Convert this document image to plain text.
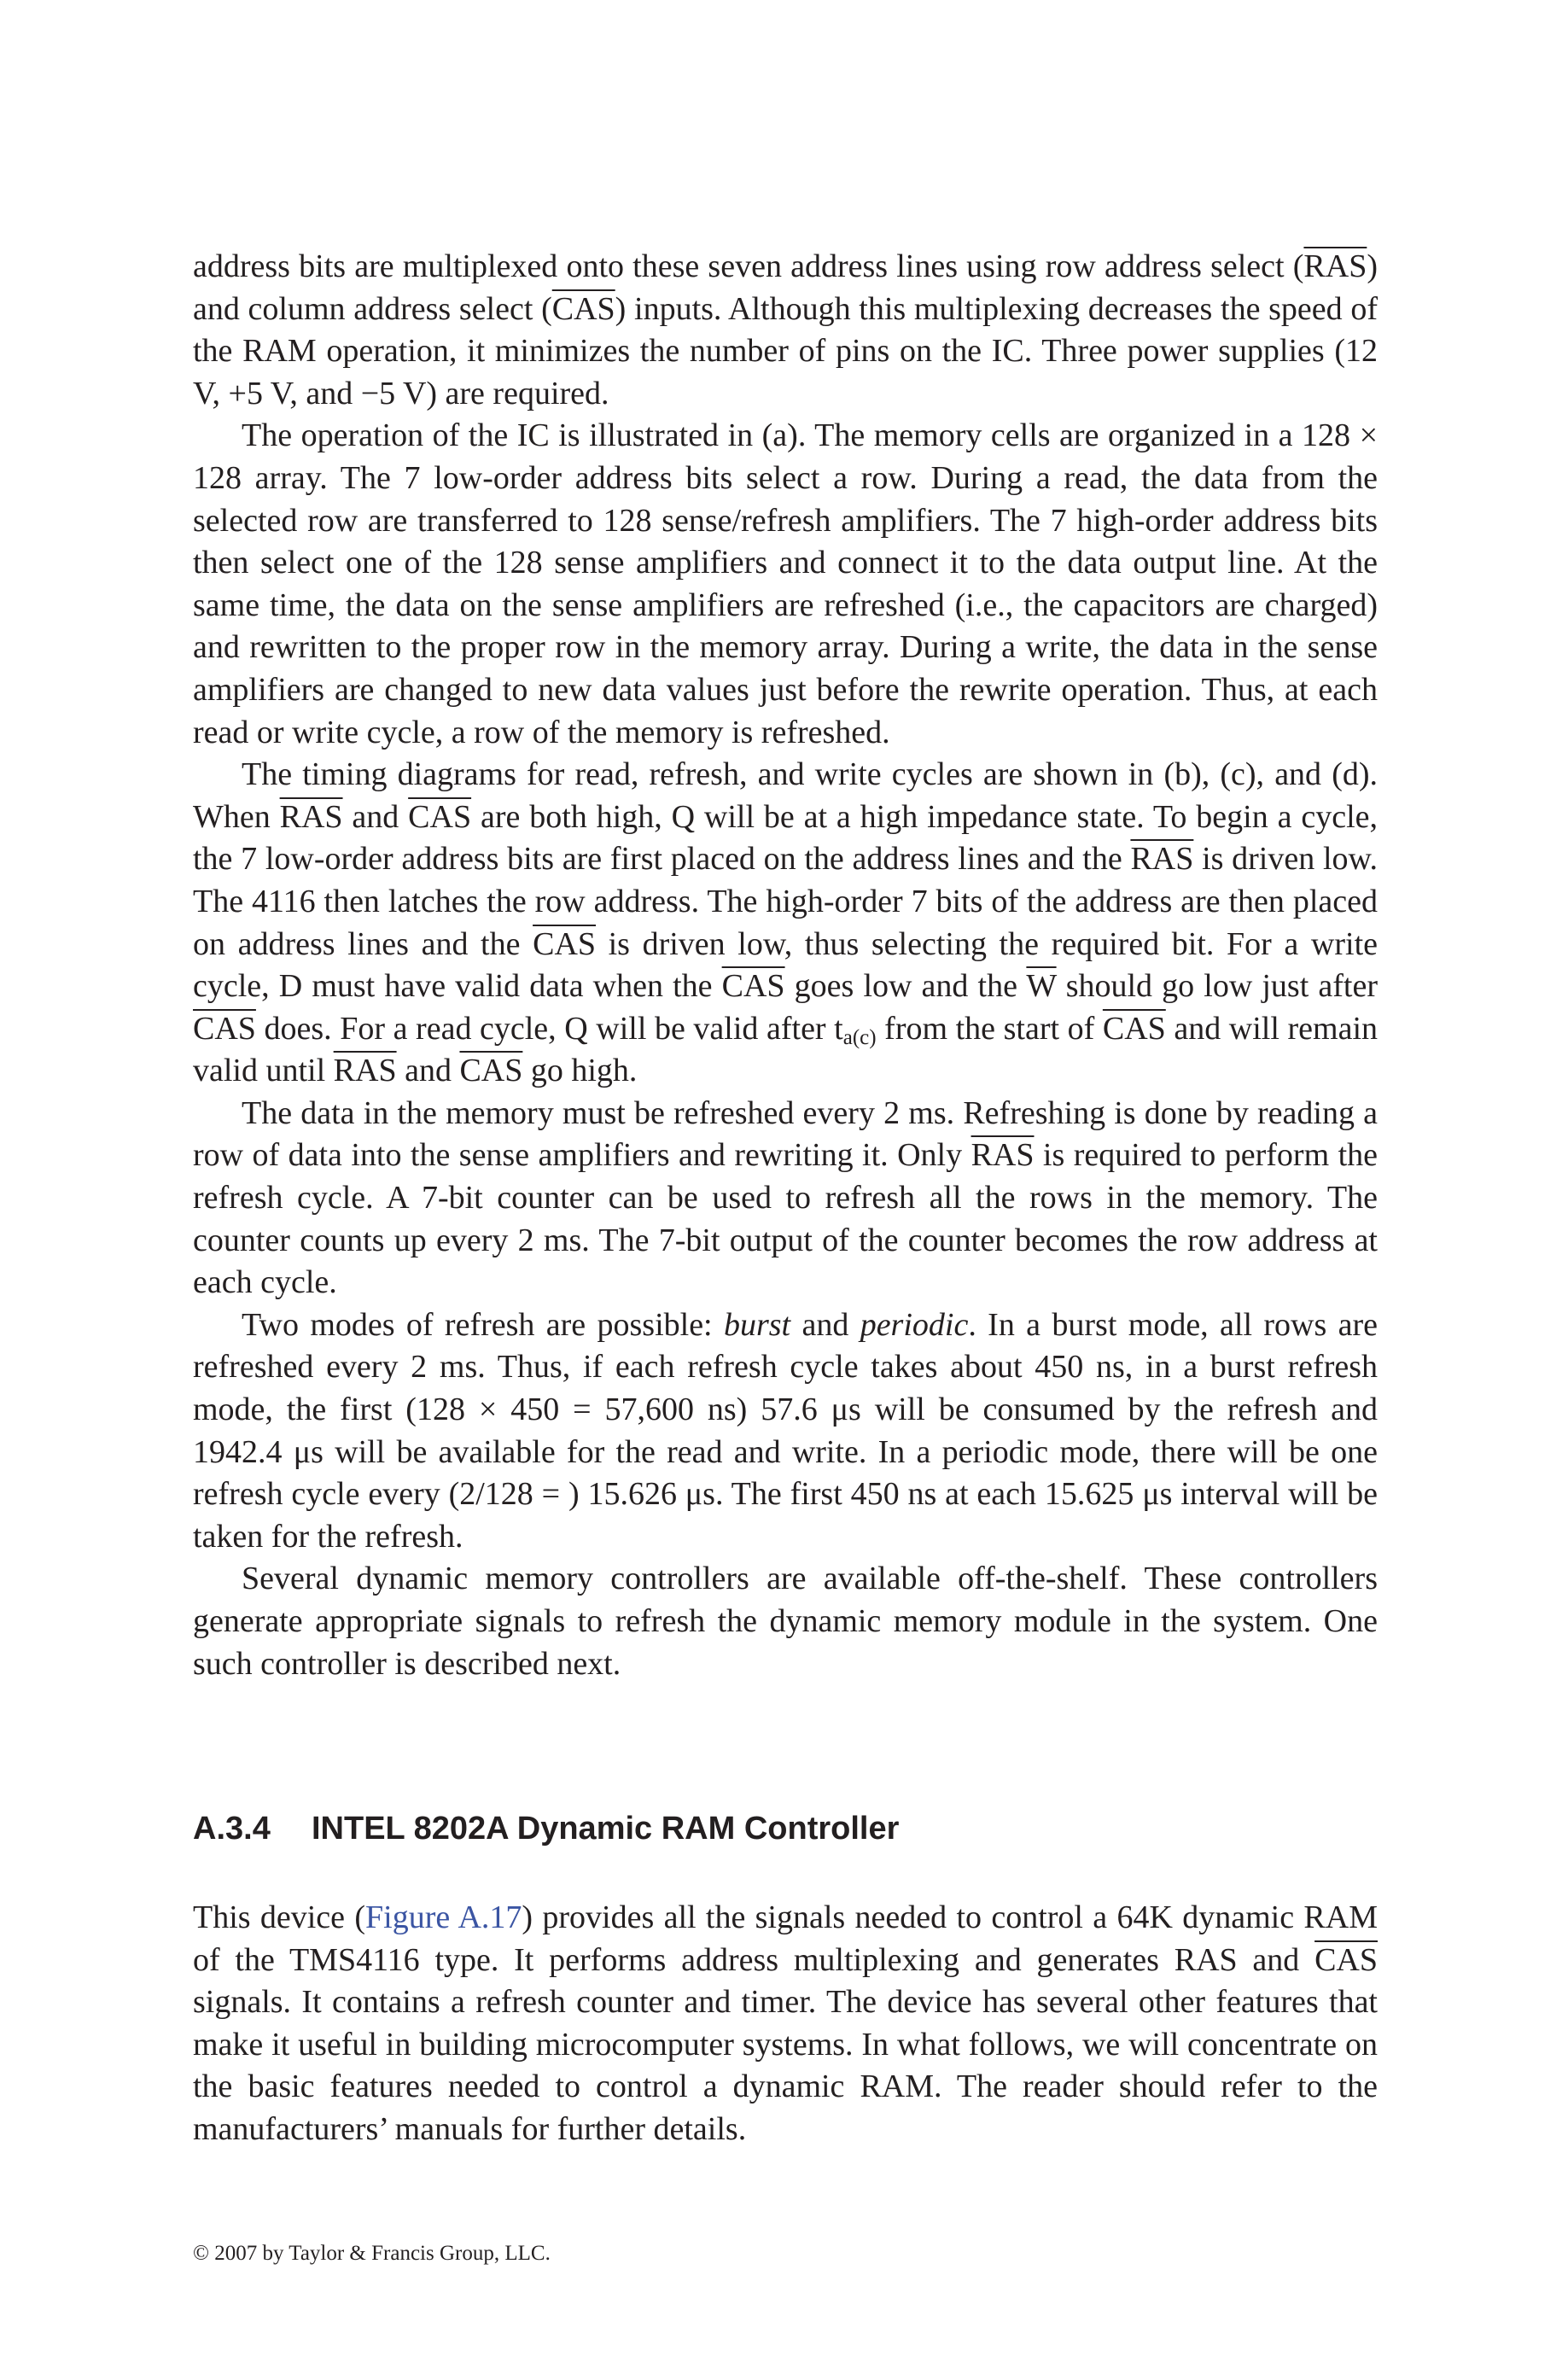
address bits are multiplexed onto these seven address lines using row address select $(\overline{RAS})$ and column address select $(\overline{CAS})$ inputs. Although this multiplexing decreases the speed of the RAM operation, it minimizes the number of pins on the IC. Three power supplies (12 V, +5 V, and −5 V) are required.

The operation of the IC is illustrated in (a). The memory cells are organized in a 128 × 128 array. The 7 low-order address bits select a row. During a read, the data from the selected row are transferred to 128 sense/refresh amplifiers. The 7 high-order address bits then select one of the 128 sense amplifiers and connect it to the data output line. At the same time, the data on the sense amplifiers are refreshed (i.e., the capacitors are charged) and rewritten to the proper row in the memory array. During a write, the data in the sense amplifiers are changed to new data values just before the rewrite operation. Thus, at each read or write cycle, a row of the memory is refreshed.

The timing diagrams for read, refresh, and write cycles are shown in (b), (c), and (d). When $\overline{RAS}$ and $\overline{CAS}$ are both high, Q will be at a high impedance state. To begin a cycle, the 7 low-order address bits are first placed on the address lines and the $\overline{RAS}$ is driven low. The 4116 then latches the row address. The high-order 7 bits of the address are then placed on address lines and the $\overline{CAS}$ is driven low, thus selecting the required bit. For a write cycle, D must have valid data when the $\overline{CAS}$ goes low and the $\overline{W}$ should go low just after $\overline{CAS}$ does. For a read cycle, Q will be valid after $t_{a(c)}$ from the start of $\overline{CAS}$ and will remain valid until $\overline{RAS}$ and $\overline{CAS}$ go high.

The data in the memory must be refreshed every 2 ms. Refreshing is done by reading a row of data into the sense amplifiers and rewriting it. Only $\overline{RAS}$ is required to perform the refresh cycle. A 7-bit counter can be used to refresh all the rows in the memory. The counter counts up every 2 ms. The 7-bit output of the counter becomes the row address at each cycle.

Two modes of refresh are possible: burst and periodic. In a burst mode, all rows are refreshed every 2 ms. Thus, if each refresh cycle takes about 450 ns, in a burst refresh mode, the first (128 × 450 = 57,600 ns) 57.6 μs will be consumed by the refresh and 1942.4 μs will be available for the read and write. In a periodic mode, there will be one refresh cycle every (2/128 = ) 15.626 μs. The first 450 ns at each 15.625 μs interval will be taken for the refresh.

Several dynamic memory controllers are available off-the-shelf. These controllers generate appropriate signals to refresh the dynamic memory module in the system. One such controller is described next.

A.3.4 INTEL 8202A Dynamic RAM Controller

This device (Figure A.17) provides all the signals needed to control a 64K dynamic RAM of the TMS4116 type. It performs address multiplexing and generates RAS and $\overline{CAS}$ signals. It contains a refresh counter and timer. The device has several other features that make it useful in building microcomputer systems. In what follows, we will concentrate on the basic features needed to control a dynamic RAM. The reader should refer to the manufacturers’ manuals for further details.

© 2007 by Taylor & Francis Group, LLC.
